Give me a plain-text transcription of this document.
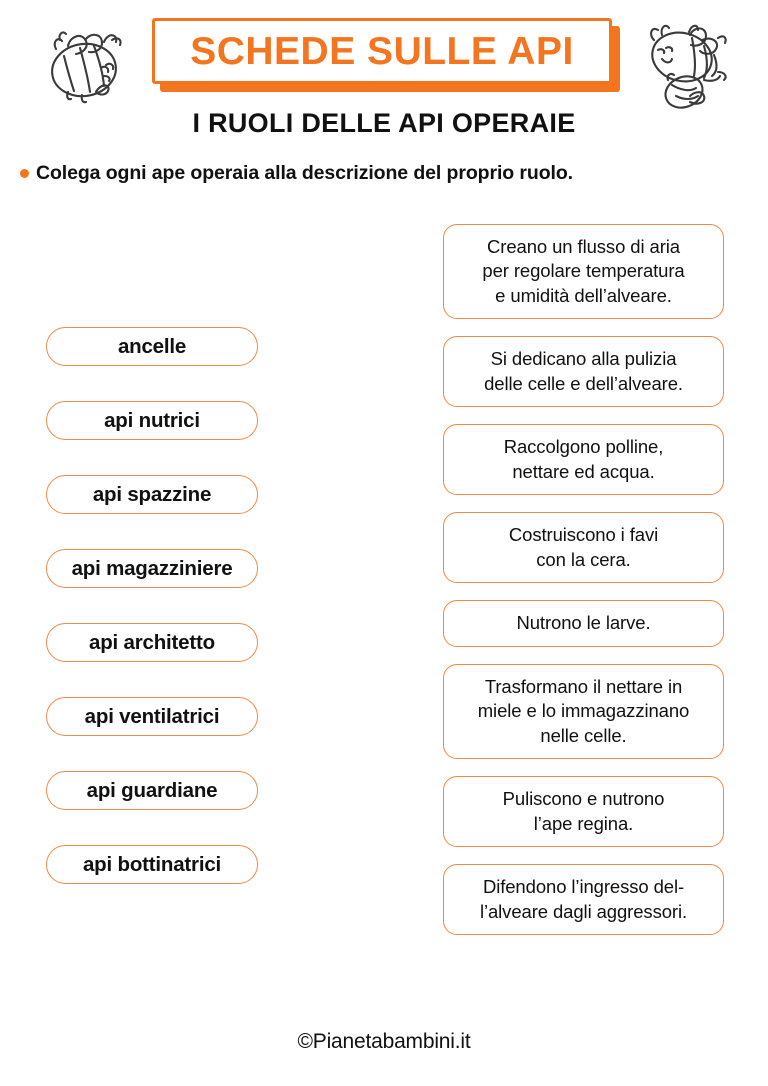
SCHEDE SULLE API
I RUOLI DELLE API OPERAIE
Colega ogni ape operaia alla descrizione del proprio ruolo.
ancelle
api nutrici
api spazzine
api magazziniere
api architetto
api ventilatrici
api guardiane
api bottinatrici
Creano un flusso di aria
per regolare temperatura
e umidità dell’alveare.
Si dedicano alla pulizia
delle celle e dell’alveare.
Raccolgono polline,
nettare ed acqua.
Costruiscono i favi
con la cera.
Nutrono le larve.
Trasformano il nettare in
miele e lo immagazzinano
nelle celle.
Puliscono e nutrono
l’ape regina.
Difendono l’ingresso del-
l’alveare dagli aggressori.
©Pianetabambini.it
